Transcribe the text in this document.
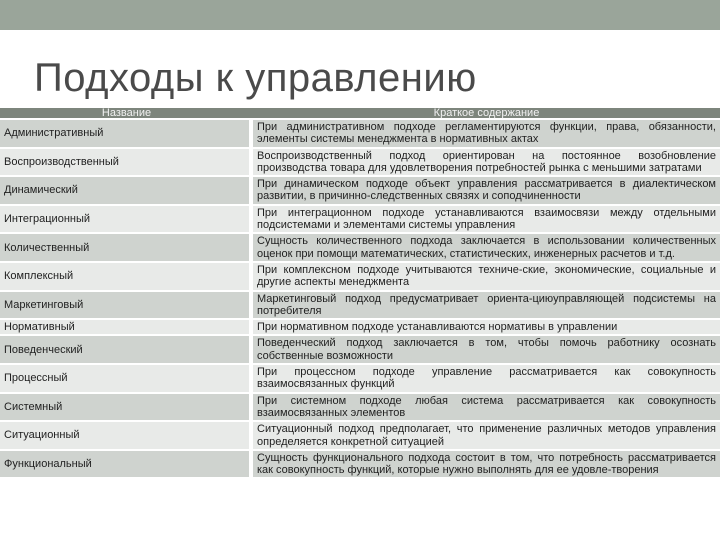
Подходы к управлению
Название	Краткое содержание
Административный	При административном подходе регламентируются функции, права, обязанности, элементы системы менеджмента в нормативных актах
Воспроизводственный	Воспроизводственный подход ориентирован на постоянное возобновление производства товара для удовлетворения потребностей рынка с меньшими затратами
Динамический	При динамическом подходе объект управления рассматривается в диалектическом развитии, в причинно-следственных связях и соподчиненности
Интеграционный	При интеграционном подходе устанавливаются взаимосвязи между отдельными подсистемами и элементами системы управления
Количественный	Сущность количественного подхода заключается в использовании количественных оценок при помощи математических, статистических, инженерных расчетов и т.д.
Комплексный	При комплексном подходе учитываются техниче-ские, экономические, социальные и другие аспекты менеджмента
Маркетинговый	Маркетинговый подход предусматривает ориента-циюуправляющей подсистемы на потребителя
Нормативный	При нормативном подходе устанавливаются нормативы в управлении
Поведенческий	Поведенческий подход заключается в том, чтобы помочь работнику осознать собственные возможности
Процессный	При процессном подходе управление рассматривается как совокупность взаимосвязанных функций
Системный	При системном подходе любая система рассматривается как совокупность взаимосвязанных элементов
Ситуационный	Ситуационный подход предполагает, что применение различных методов управления определяется конкретной ситуацией
Функциональный	Сущность функционального подхода состоит в том, что потребность рассматривается как совокупность функций, которые нужно выполнять для ее удовле-творения
